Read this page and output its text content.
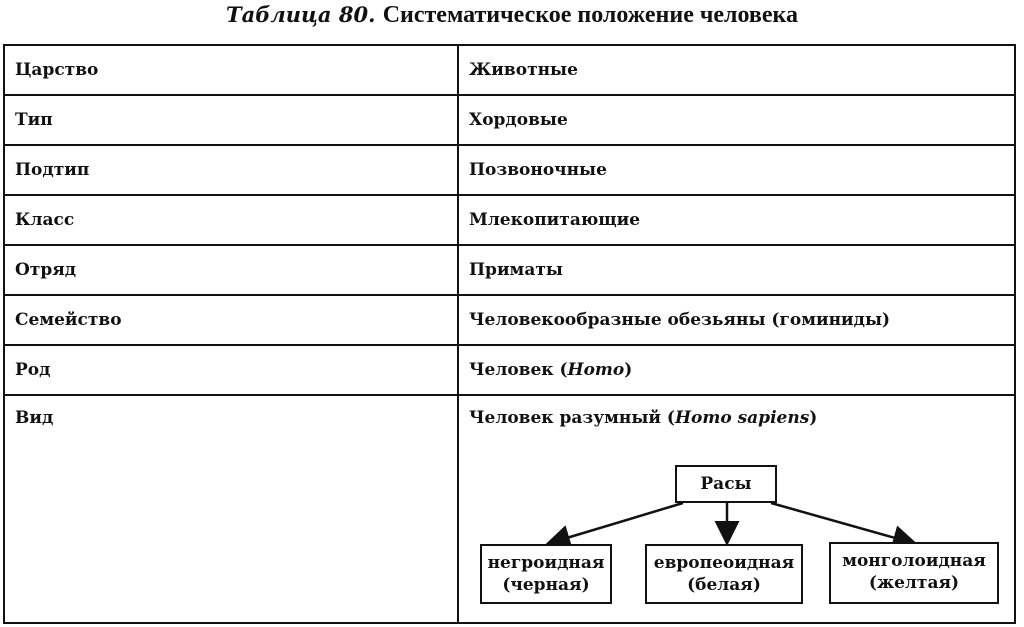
Таблица 80. Систематическое положение человека
Царство	Животные
Тип	Хордовые
Подтип	Позвоночные
Класс	Млекопитающие
Отряд	Приматы
Семейство	Человекообразные обезьяны (гоминиды)
Род	Человек (Homo)
Вид	Человек разумный (Homo sapiens)
Расы
негроидная
(черная)
европеоидная
(белая)
монголоидная
(желтая)
